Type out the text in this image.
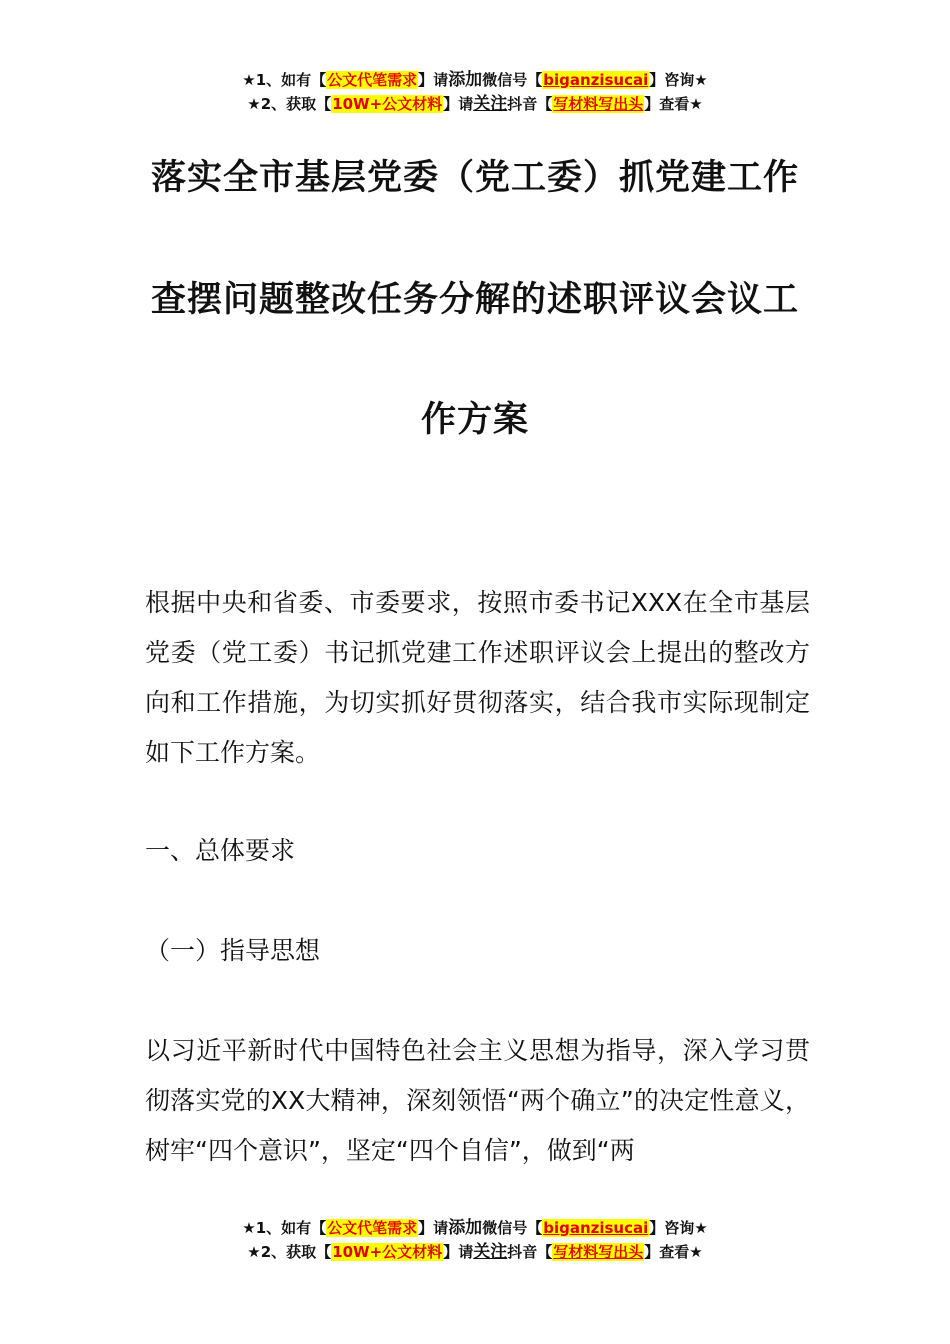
★1、如有【公文代笔需求】请添加微信号【biganzisucai】咨询★
★2、获取【10W+公文材料】请关注抖音【写材料写出头】查看★
落实全市基层党委（党工委）抓党建工作
查摆问题整改任务分解的述职评议会议工
作方案

根据中央和省委、市委要求，按照市委书记XXX在全市基层党委（党工委）书记抓党建工作述职评议会上提出的整改方向和工作措施，为切实抓好贯彻落实，结合我市实际现制定如下工作方案。

一、总体要求

（一）指导思想

以习近平新时代中国特色社会主义思想为指导，深入学习贯彻落实党的XX大精神，深刻领悟“两个确立”的决定性意义，树牢“四个意识”，坚定“四个自信”，做到“两

★1、如有【公文代笔需求】请添加微信号【biganzisucai】咨询★
★2、获取【10W+公文材料】请关注抖音【写材料写出头】查看★
